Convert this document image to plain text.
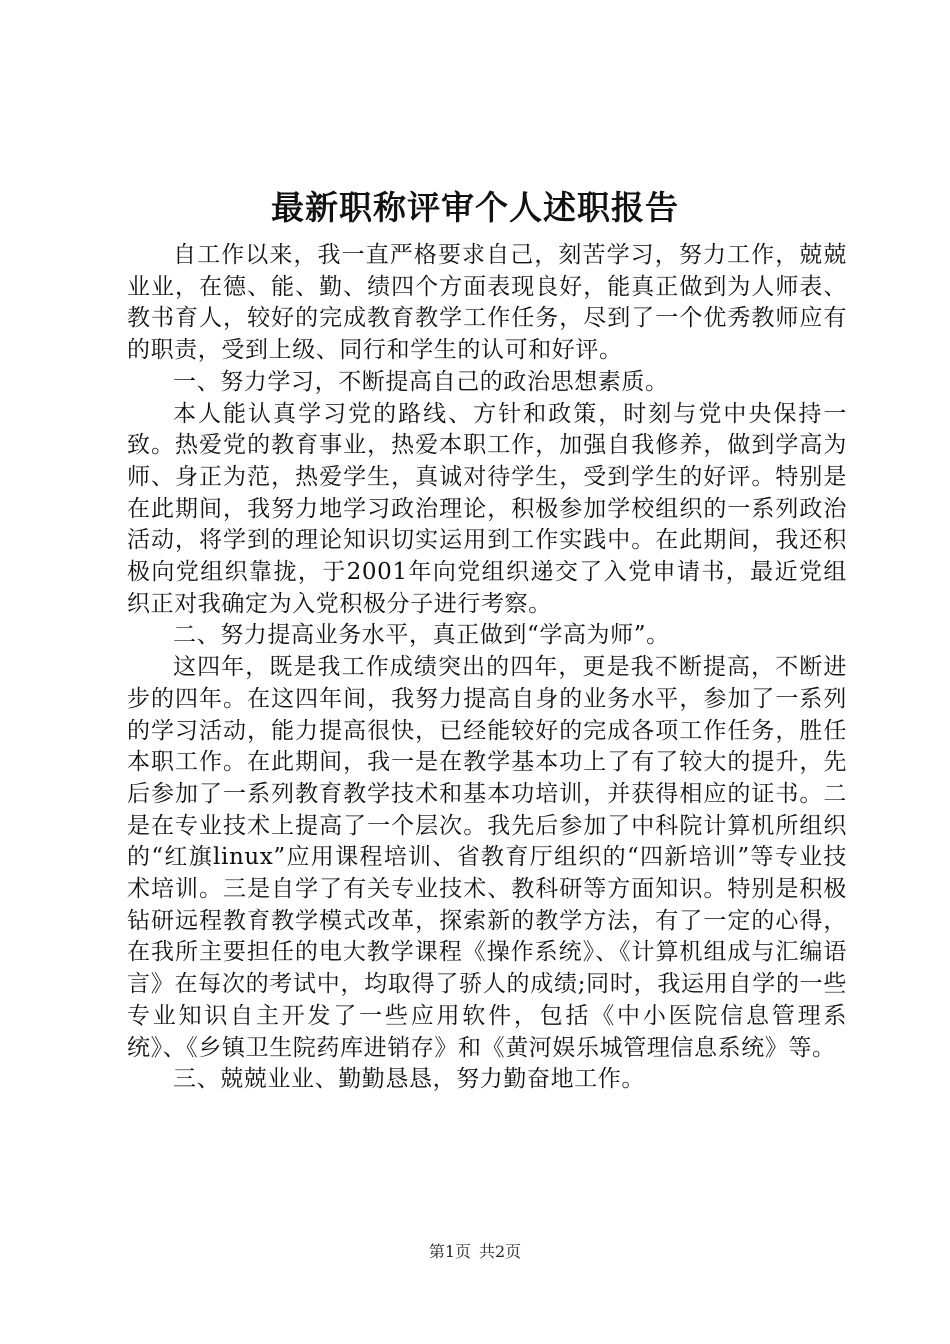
最新职称评审个人述职报告

自工作以来，我一直严格要求自己，刻苦学习，努力工作，兢兢业业，在德、能、勤、绩四个方面表现良好，能真正做到为人师表、教书育人，较好的完成教育教学工作任务，尽到了一个优秀教师应有的职责，受到上级、同行和学生的认可和好评。

一、努力学习，不断提高自己的政治思想素质。

本人能认真学习党的路线、方针和政策，时刻与党中央保持一致。热爱党的教育事业，热爱本职工作，加强自我修养，做到学高为师、身正为范，热爱学生，真诚对待学生，受到学生的好评。特别是在此期间，我努力地学习政治理论，积极参加学校组织的一系列政治活动，将学到的理论知识切实运用到工作实践中。在此期间，我还积极向党组织靠拢，于2001年向党组织递交了入党申请书，最近党组织正对我确定为入党积极分子进行考察。

二、努力提高业务水平，真正做到“学高为师”。

这四年，既是我工作成绩突出的四年，更是我不断提高，不断进步的四年。在这四年间，我努力提高自身的业务水平，参加了一系列的学习活动，能力提高很快，已经能较好的完成各项工作任务，胜任本职工作。在此期间，我一是在教学基本功上了有了较大的提升，先后参加了一系列教育教学技术和基本功培训，并获得相应的证书。二是在专业技术上提高了一个层次。我先后参加了中科院计算机所组织的“红旗linux”应用课程培训、省教育厅组织的“四新培训”等专业技术培训。三是自学了有关专业技术、教科研等方面知识。特别是积极钻研远程教育教学模式改革，探索新的教学方法，有了一定的心得，在我所主要担任的电大教学课程《操作系统》、《计算机组成与汇编语言》在每次的考试中，均取得了骄人的成绩;同时，我运用自学的一些专业知识自主开发了一些应用软件，包括《中小医院信息管理系统》、《乡镇卫生院药库进销存》和《黄河娱乐城管理信息系统》等。

三、兢兢业业、勤勤恳恳，努力勤奋地工作。

第1页 共2页
